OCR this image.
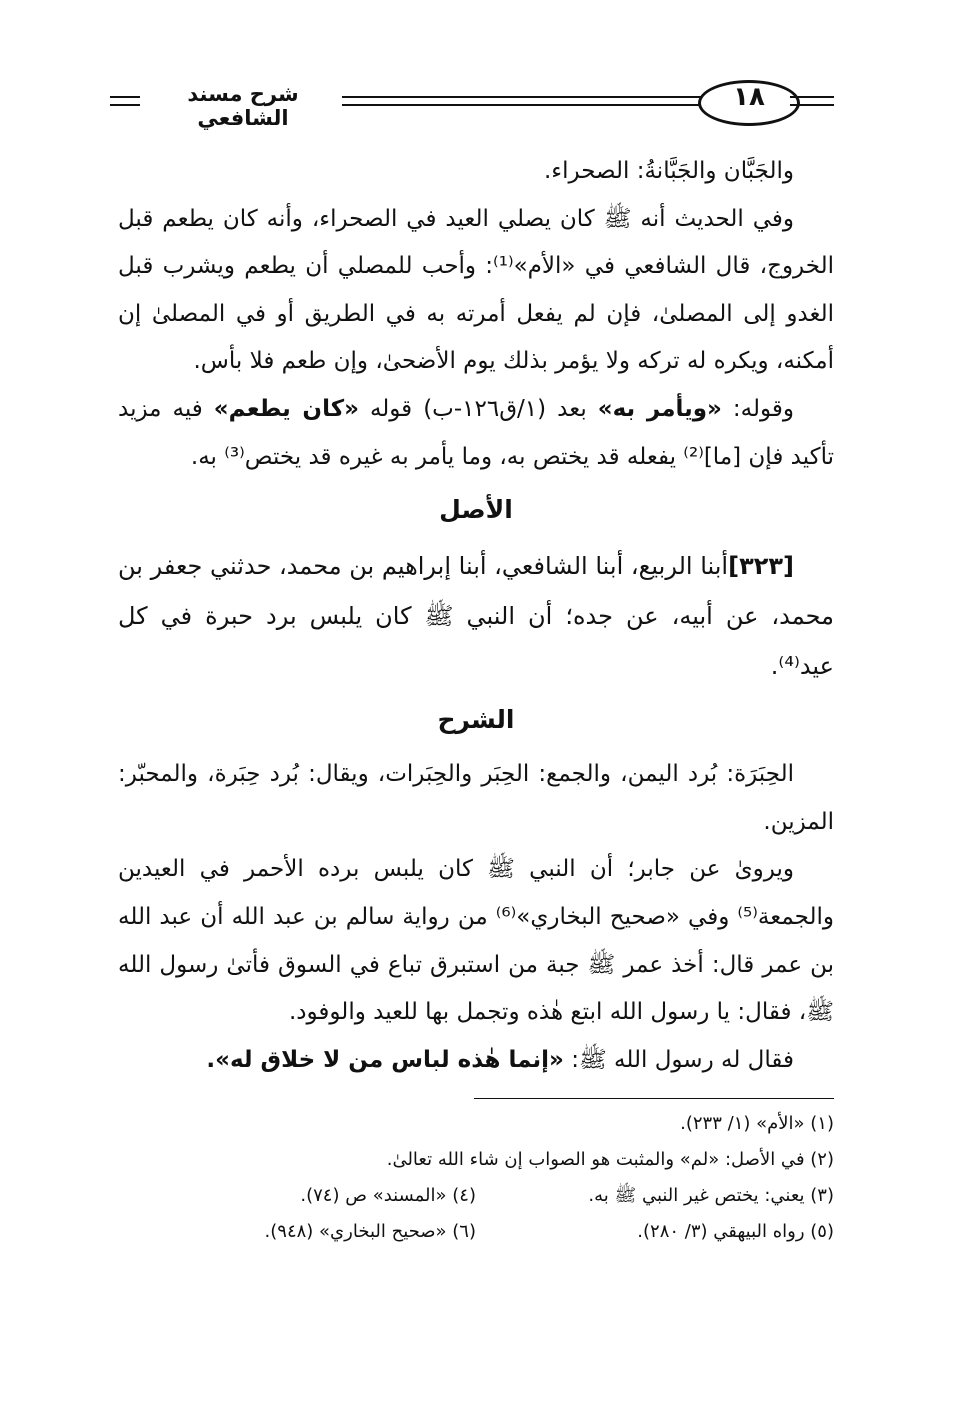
شرح مسند الشافعي
١٨

والجَبَّان والجَبَّانةُ: الصحراء.

وفي الحديث أنه ﷺ كان يصلي العيد في الصحراء، وأنه كان يطعم قبل الخروج، قال الشافعي في «الأم»⁽¹⁾: وأحب للمصلي أن يطعم ويشرب قبل الغدو إلى المصلىٰ، فإن لم يفعل أمرته به في الطريق أو في المصلىٰ إن أمكنه، ويكره له تركه ولا يؤمر بذلك يوم الأضحىٰ، وإن طعم فلا بأس.

وقوله: «ويأمر به» بعد (١/ق١٢٦-ب) قوله «كان يطعم» فيه مزيد تأكيد فإن [ما]⁽²⁾ يفعله قد يختص به، وما يأمر به غيره قد يختص⁽³⁾ به.

الأصل

[٣٢٣]أبنا الربيع، أبنا الشافعي، أبنا إبراهيم بن محمد، حدثني جعفر بن محمد، عن أبيه، عن جده؛ أن النبي ﷺ كان يلبس برد حبرة في كل عيد⁽⁴⁾.

الشرح

الحِبَرَة: بُرد اليمن، والجمع: الحِبَر والحِبَرات، ويقال: بُرد حِبَرة، والمحبّر: المزين.

ويروىٰ عن جابر؛ أن النبي ﷺ كان يلبس برده الأحمر في العيدين والجمعة⁽⁵⁾ وفي «صحيح البخاري»⁽⁶⁾ من رواية سالم بن عبد الله أن عبد الله بن عمر قال: أخذ عمر ﷺ جبة من استبرق تباع في السوق فأتىٰ رسول الله ﷺ، فقال: يا رسول الله ابتع هٰذه وتجمل بها للعيد والوفود.

فقال له رسول الله ﷺ: «إنما هٰذه لباس من لا خلاق له».

(١) «الأم» (١/ ٢٣٣).
(٢) في الأصل: «لم» والمثبت هو الصواب إن شاء الله تعالىٰ.
(٣) يعني: يختص غير النبي ﷺ به.
(٤) «المسند» ص (٧٤).
(٥) رواه البيهقي (٣/ ٢٨٠).
(٦) «صحيح البخاري» (٩٤٨).
